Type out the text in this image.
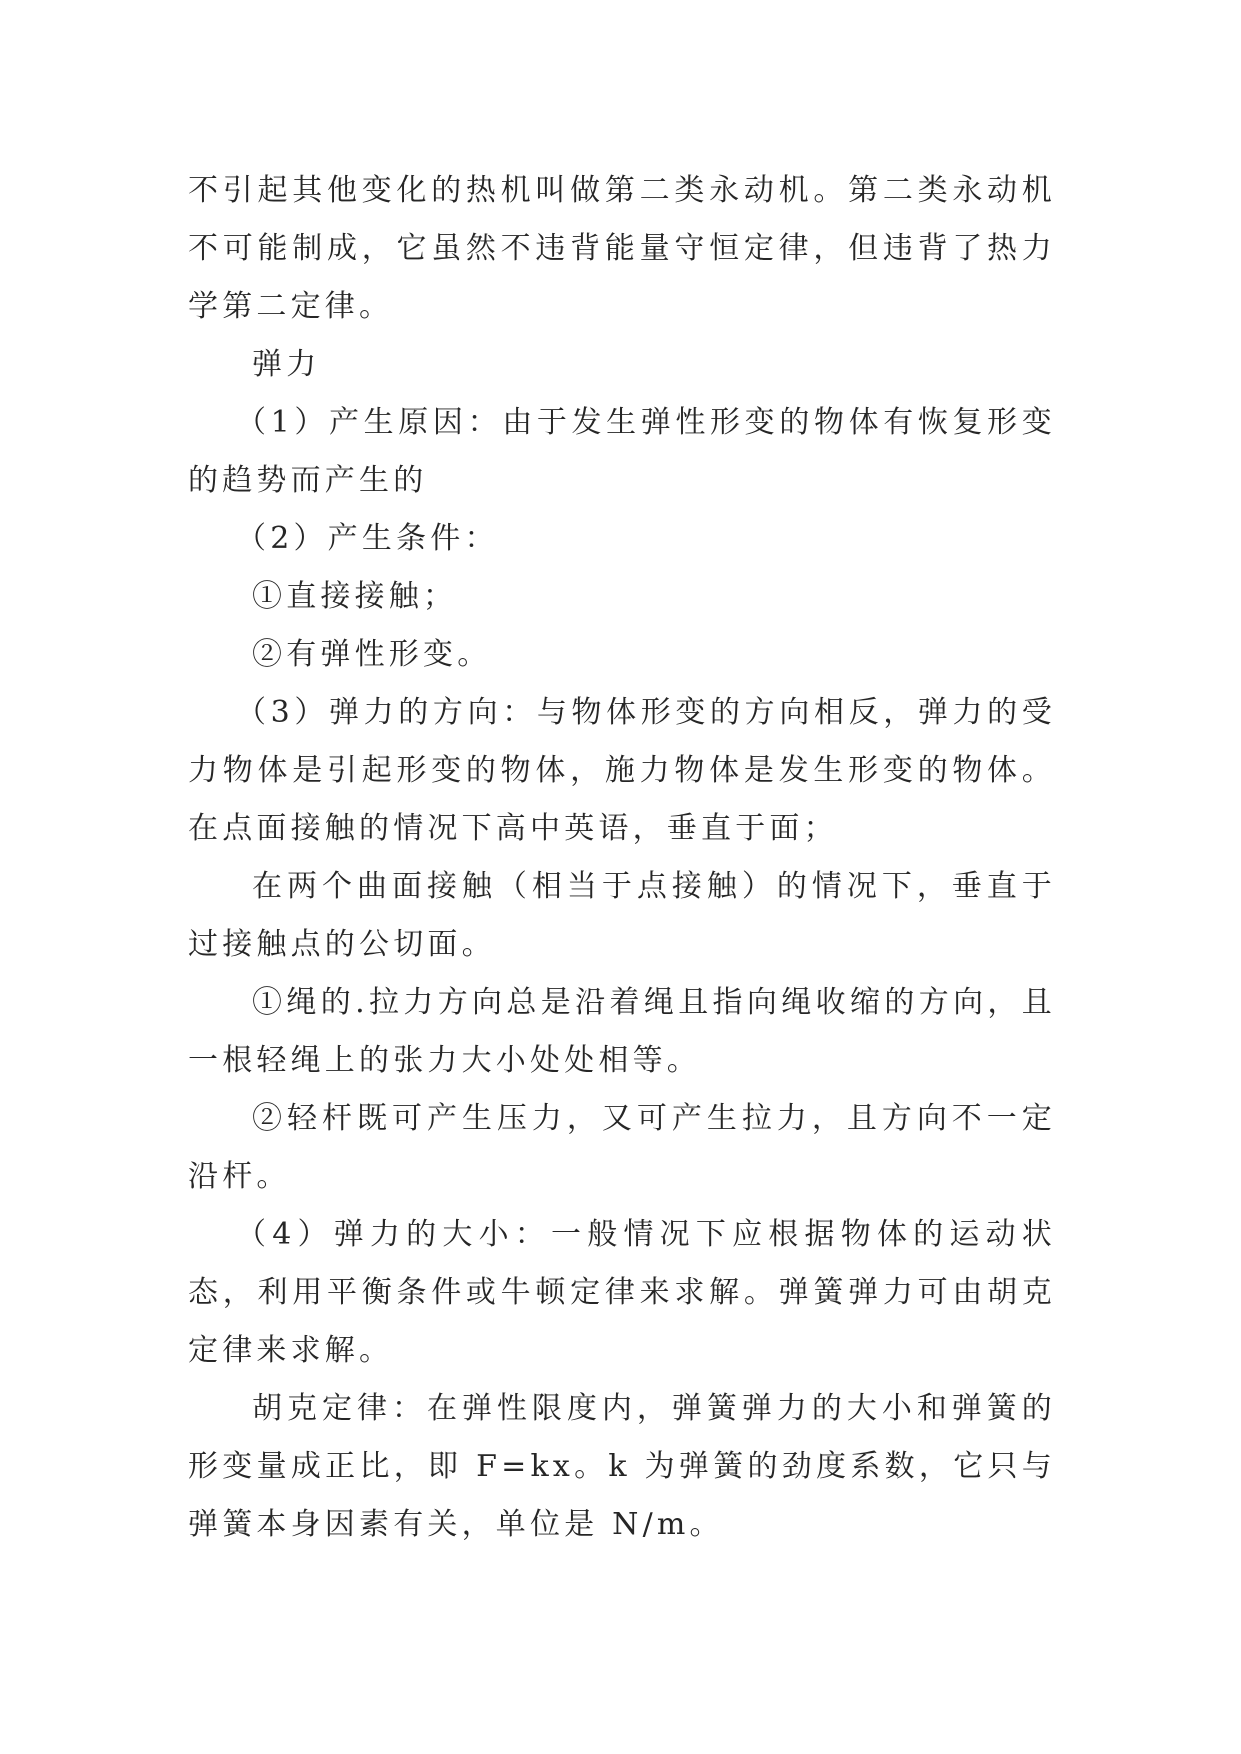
不引起其他变化的热机叫做第二类永动机。第二类永动机不可能制成，它虽然不违背能量守恒定律，但违背了热力学第二定律。

弹力

（1）产生原因：由于发生弹性形变的物体有恢复形变的趋势而产生的

（2）产生条件：

①直接接触；

②有弹性形变。

（3）弹力的方向：与物体形变的方向相反，弹力的受力物体是引起形变的物体，施力物体是发生形变的物体。在点面接触的情况下高中英语，垂直于面；

在两个曲面接触（相当于点接触）的情况下，垂直于过接触点的公切面。

①绳的.拉力方向总是沿着绳且指向绳收缩的方向，且一根轻绳上的张力大小处处相等。

②轻杆既可产生压力，又可产生拉力，且方向不一定沿杆。

（4）弹力的大小：一般情况下应根据物体的运动状态，利用平衡条件或牛顿定律来求解。弹簧弹力可由胡克定律来求解。

胡克定律：在弹性限度内，弹簧弹力的大小和弹簧的形变量成正比，即 F=kx。k 为弹簧的劲度系数，它只与弹簧本身因素有关，单位是 N/m。
